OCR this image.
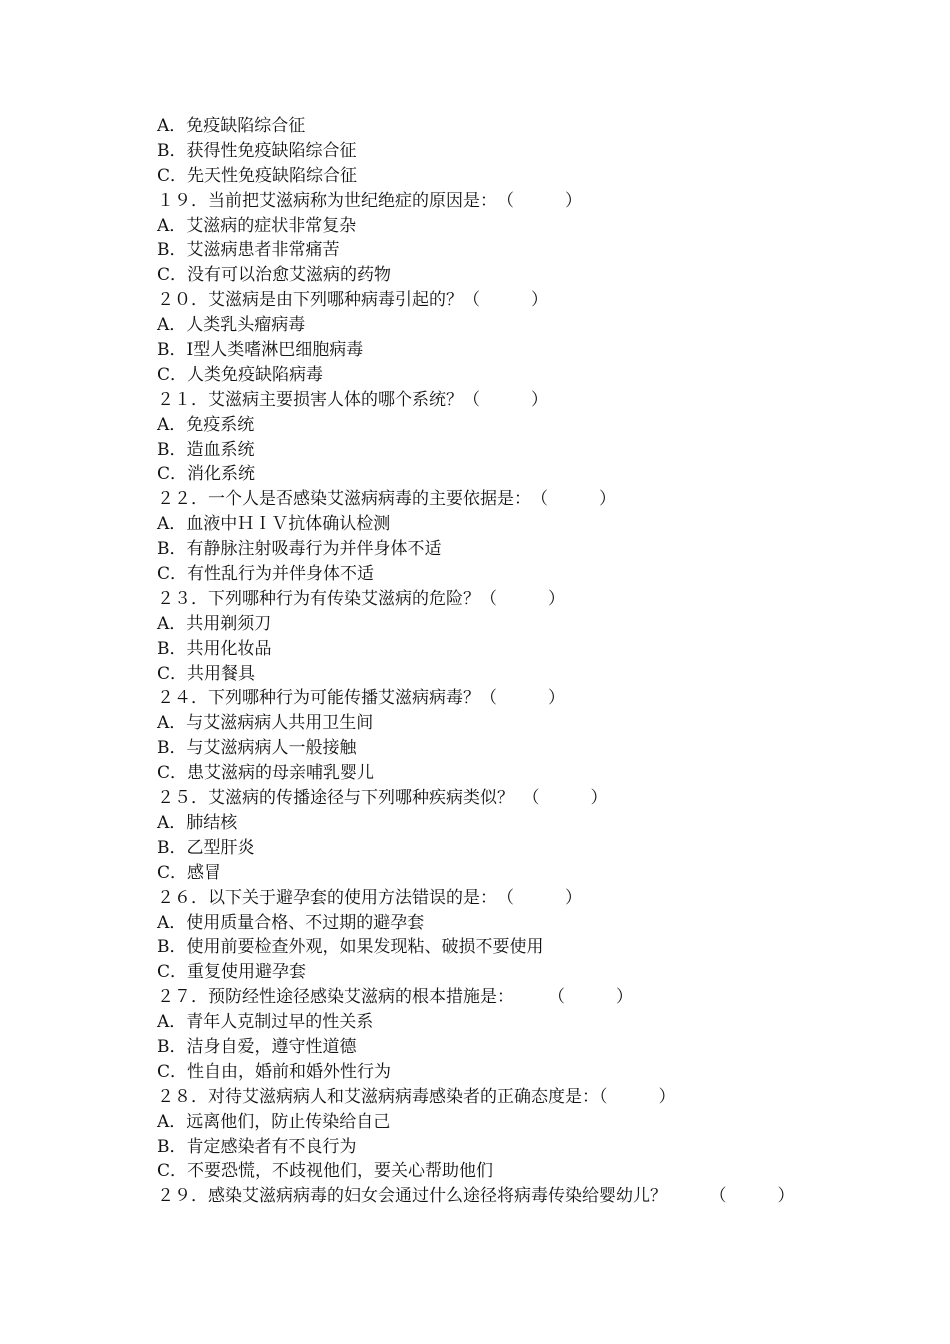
A．免疫缺陷综合征
B．获得性免疫缺陷综合征
C．先天性免疫缺陷综合征
１９．当前把艾滋病称为世纪绝症的原因是：　（　　　）
A．艾滋病的症状非常复杂
B．艾滋病患者非常痛苦
C．没有可以治愈艾滋病的药物
２０．艾滋病是由下列哪种病毒引起的？（　　　）
A．人类乳头瘤病毒
B．Ⅰ型人类嗜淋巴细胞病毒
C．人类免疫缺陷病毒
２１．艾滋病主要损害人体的哪个系统？（　　　）
A．免疫系统
B．造血系统
C．消化系统
２２．一个人是否感染艾滋病病毒的主要依据是：　（　　　）
A．血液中ＨＩＶ抗体确认检测
B．有静脉注射吸毒行为并伴身体不适
C．有性乱行为并伴身体不适
２３．下列哪种行为有传染艾滋病的危险？（　　　）
A．共用剃须刀
B．共用化妆品
C．共用餐具
２４．下列哪种行为可能传播艾滋病病毒？（　　　）
A．与艾滋病病人共用卫生间
B．与艾滋病病人一般接触
C．患艾滋病的母亲哺乳婴儿
２５．艾滋病的传播途径与下列哪种疾病类似？　（　　　）
A．肺结核
B．乙型肝炎
C．感冒
２６．以下关于避孕套的使用方法错误的是：　（　　　）
A．使用质量合格、不过期的避孕套
B．使用前要检查外观，如果发现粘、破损不要使用
C．重复使用避孕套
２７．预防经性途径感染艾滋病的根本措施是：　　　（　　　）
A．青年人克制过早的性关系
B．洁身自爱，遵守性道德
C．性自由，婚前和婚外性行为
２８．对待艾滋病病人和艾滋病病毒感染者的正确态度是：（　　　）
A．远离他们，防止传染给自己
B．肯定感染者有不良行为
C．不要恐慌，不歧视他们，要关心帮助他们
２９．感染艾滋病病毒的妇女会通过什么途径将病毒传染给婴幼儿？　　　（　　　）
